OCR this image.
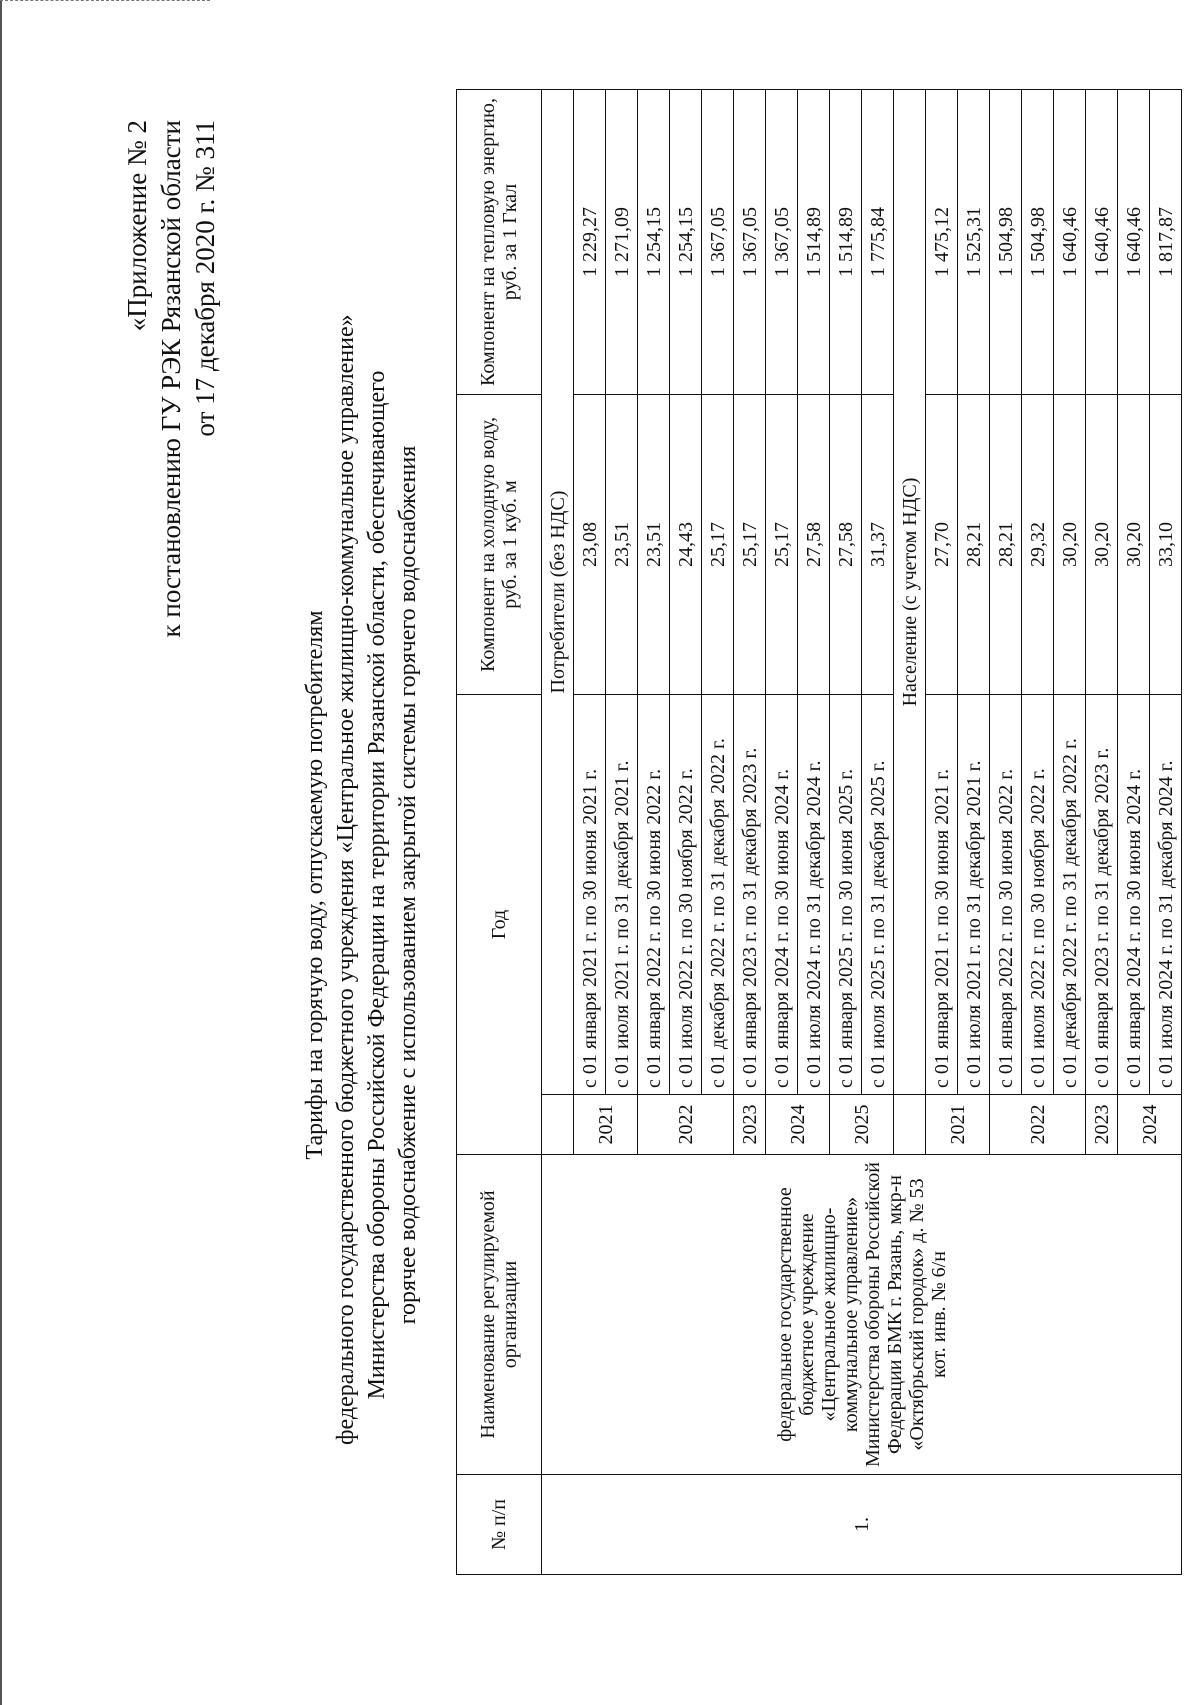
«Приложение № 2 к постановлению ГУ РЭК Рязанской области от 17 декабря 2020 г. № 311
Тарифы на горячую воду, отпускаемую потребителям федерального государственного бюджетного учреждения «Центральное жилищно-коммунальное управление» Министерства обороны Российской Федерации на территории Рязанской области, обеспечивающего горячее водоснабжение с использованием закрытой системы горячего водоснабжения
№ п/п	Наименование регулируемой организации	Год		Компонент на холодную воду, руб. за 1 куб. м	Компонент на тепловую энергию, руб. за 1 Гкал
1.	федеральное государственное бюджетное учреждение «Центральное жилищно-коммунальное управление» Министерства обороны Российской Федерации БМК г. Рязань, мкр-н «Октябрьский городок» д. № 53 кот. инв. № 6/н		Потребители (без НДС)		
		2021	с 01 января 2021 г. по 30 июня 2021 г.	23,08	1 229,27
			с 01 июля 2021 г. по 31 декабря 2021 г.	23,51	1 271,09
		2022	с 01 января 2022 г. по 30 июня 2022 г.	23,51	1 254,15
			с 01 июля 2022 г. по 30 ноября 2022 г.	24,43	1 254,15
			с 01 декабря 2022 г. по 31 декабря 2022 г.	25,17	1 367,05
		2023	с 01 января 2023 г. по 31 декабря 2023 г.	25,17	1 367,05
		2024	с 01 января 2024 г. по 30 июня 2024 г.	25,17	1 367,05
			с 01 июля 2024 г. по 31 декабря 2024 г.	27,58	1 514,89
		2025	с 01 января 2025 г. по 30 июня 2025 г.	27,58	1 514,89
			с 01 июля 2025 г. по 31 декабря 2025 г.	31,37	1 775,84
			Население (с учетом НДС)		
		2021	с 01 января 2021 г. по 30 июня 2021 г.	27,70	1 475,12
			с 01 июля 2021 г. по 31 декабря 2021 г.	28,21	1 525,31
		2022	с 01 января 2022 г. по 30 июня 2022 г.	28,21	1 504,98
			с 01 июля 2022 г. по 30 ноября 2022 г.	29,32	1 504,98
			с 01 декабря 2022 г. по 31 декабря 2022 г.	30,20	1 640,46
		2023	с 01 января 2023 г. по 31 декабря 2023 г.	30,20	1 640,46
		2024	с 01 января 2024 г. по 30 июня 2024 г.	30,20	1 640,46
			с 01 июля 2024 г. по 31 декабря 2024 г.	33,10	1 817,87
